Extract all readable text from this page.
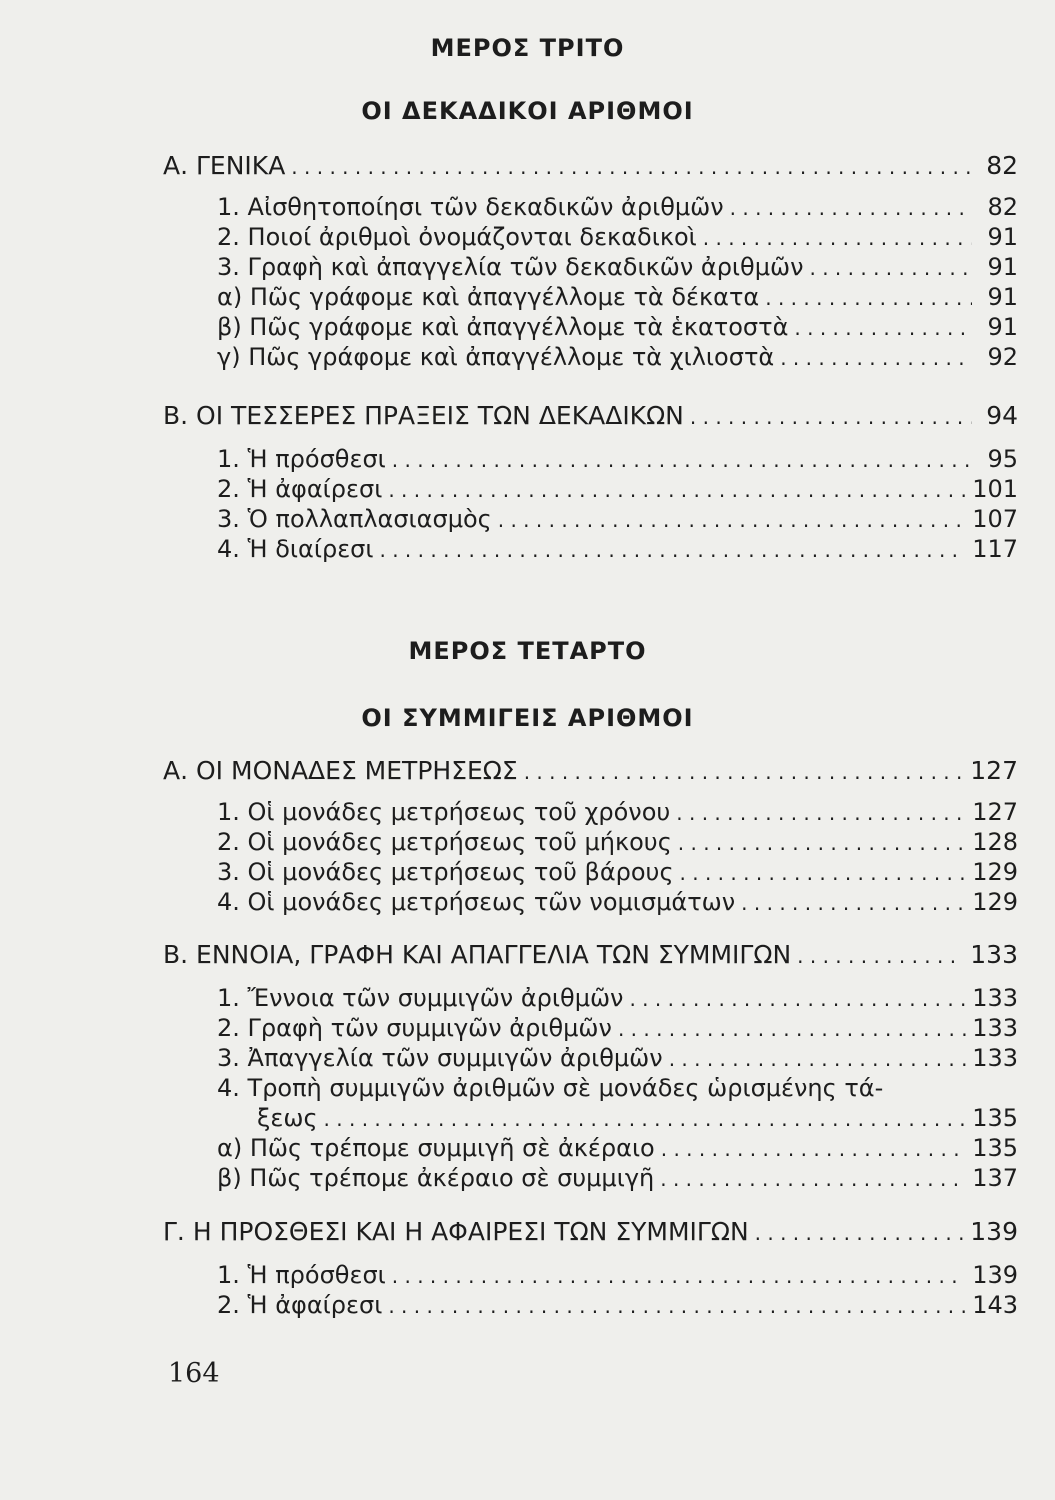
ΜΕΡΟΣ ΤΡΙΤΟ
ΟΙ ΔΕΚΑΔΙΚΟΙ ΑΡΙΘΜΟΙ
Α. ΓΕΝΙΚΑ . . .	82
1. Αἰσθητοποίησι τῶν δεκαδικῶν ἀριθμῶν . . .	82
2. Ποιοί ἀριθμοὶ ὀνομάζονται δεκαδικοὶ . . .	91
3. Γραφὴ καὶ ἀπαγγελία τῶν δεκαδικῶν ἀριθμῶν . . .	91
α) Πῶς γράφομε καὶ ἀπαγγέλλομε τὰ δέκατα . . .	91
β) Πῶς γράφομε καὶ ἀπαγγέλλομε τὰ ἑκατοστὰ . . .	91
γ) Πῶς γράφομε καὶ ἀπαγγέλλομε τὰ χιλιοστὰ . . .	92
Β. ΟΙ ΤΕΣΣΕΡΕΣ ΠΡΑΞΕΙΣ ΤΩΝ ΔΕΚΑΔΙΚΩΝ . . .	94
1. Ἡ πρόσθεσι . . .	95
2. Ἡ ἀφαίρεσι . . .	101
3. Ὁ πολλαπλασιασμὸς . . .	107
4. Ἡ διαίρεσι . . .	117
ΜΕΡΟΣ ΤΕΤΑΡΤΟ
ΟΙ ΣΥΜΜΙΓΕΙΣ ΑΡΙΘΜΟΙ
Α. ΟΙ ΜΟΝΑΔΕΣ ΜΕΤΡΗΣΕΩΣ . . .	127
1. Οἱ μονάδες μετρήσεως τοῦ χρόνου . . .	127
2. Οἱ μονάδες μετρήσεως τοῦ μήκους . . .	128
3. Οἱ μονάδες μετρήσεως τοῦ βάρους . . .	129
4. Οἱ μονάδες μετρήσεως τῶν νομισμάτων . . .	129
Β. ΕΝΝΟΙΑ, ΓΡΑΦΗ ΚΑΙ ΑΠΑΓΓΕΛΙΑ ΤΩΝ ΣΥΜΜΙΓΩΝ . . .	133
1. Ἔννοια τῶν συμμιγῶν ἀριθμῶν . . .	133
2. Γραφὴ τῶν συμμιγῶν ἀριθμῶν . . .	133
3. Ἀπαγγελία τῶν συμμιγῶν ἀριθμῶν . . .	133
4. Τροπὴ συμμιγῶν ἀριθμῶν σὲ μονάδες ὡρισμένης τά-
ξεως . . .	135
α) Πῶς τρέπομε συμμιγῆ σὲ ἀκέραιο . . .	135
β) Πῶς τρέπομε ἀκέραιο σὲ συμμιγῆ . . .	137
Γ. Η ΠΡΟΣΘΕΣΙ ΚΑΙ Η ΑΦΑΙΡΕΣΙ ΤΩΝ ΣΥΜΜΙΓΩΝ . . .	139
1. Ἡ πρόσθεσι . . .	139
2. Ἡ ἀφαίρεσι . . .	143
164
